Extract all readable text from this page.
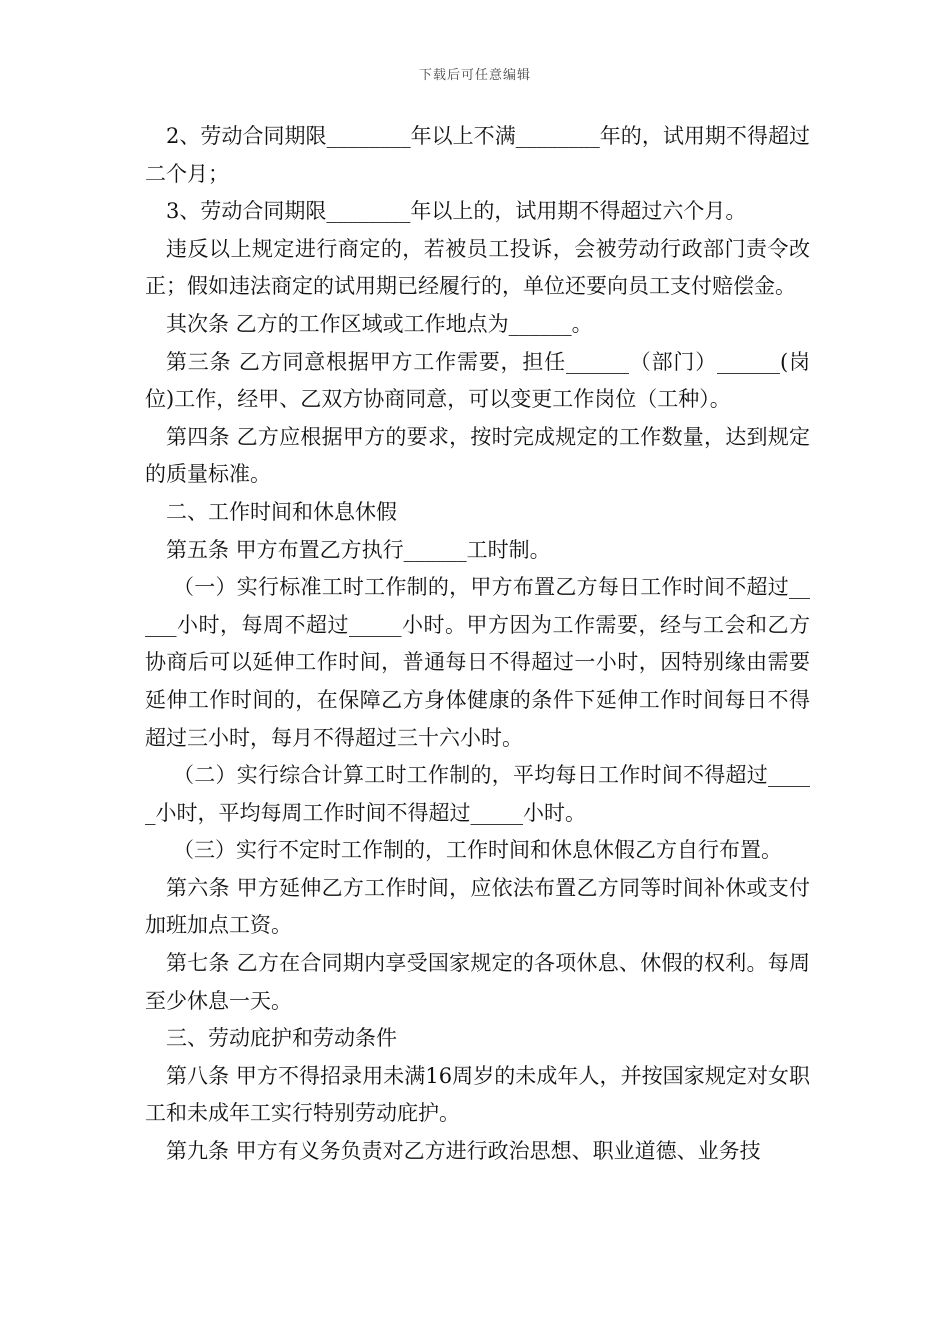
下载后可任意编辑

2、劳动合同期限________年以上不满________年的，试用期不得超过二个月；

3、劳动合同期限________年以上的，试用期不得超过六个月。

违反以上规定进行商定的，若被员工投诉，会被劳动行政部门责令改正；假如违法商定的试用期已经履行的，单位还要向员工支付赔偿金。

其次条 乙方的工作区域或工作地点为______。

第三条 乙方同意根据甲方工作需要，担任______（部门）______(岗位)工作，经甲、乙双方协商同意，可以变更工作岗位（工种）。

第四条 乙方应根据甲方的要求，按时完成规定的工作数量，达到规定的质量标准。

二、工作时间和休息休假

第五条 甲方布置乙方执行______工时制。

（一）实行标准工时工作制的，甲方布置乙方每日工作时间不超过_____小时，每周不超过_____小时。甲方因为工作需要，经与工会和乙方协商后可以延伸工作时间，普通每日不得超过一小时，因特别缘由需要延伸工作时间的，在保障乙方身体健康的条件下延伸工作时间每日不得超过三小时，每月不得超过三十六小时。

（二）实行综合计算工时工作制的，平均每日工作时间不得超过_____小时，平均每周工作时间不得超过_____小时。

（三）实行不定时工作制的，工作时间和休息休假乙方自行布置。

第六条 甲方延伸乙方工作时间，应依法布置乙方同等时间补休或支付加班加点工资。

第七条 乙方在合同期内享受国家规定的各项休息、休假的权利。每周至少休息一天。

三、劳动庇护和劳动条件

第八条 甲方不得招录用未满16周岁的未成年人，并按国家规定对女职工和未成年工实行特别劳动庇护。

第九条 甲方有义务负责对乙方进行政治思想、职业道德、业务技
